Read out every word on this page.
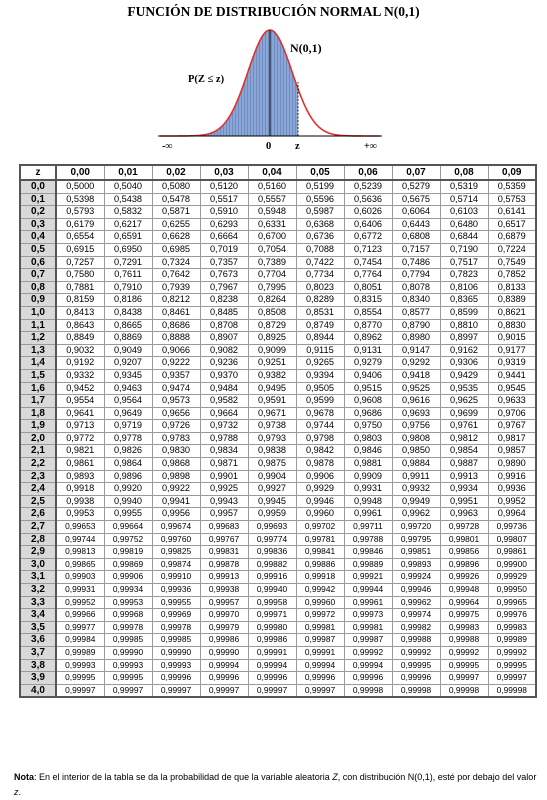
FUNCIÓN DE DISTRIBUCIÓN NORMAL N(0,1)
N(0,1)
P(Z ≤ z)
-∞	0 z	+∞
z	0,00	0,01	0,02	0,03	0,04	0,05	0,06	0,07	0,08	0,09
0,0	0,5000	0,5040	0,5080	0,5120	0,5160	0,5199	0,5239	0,5279	0,5319	0,5359
0,1	0,5398	0,5438	0,5478	0,5517	0,5557	0,5596	0,5636	0,5675	0,5714	0,5753
0,2	0,5793	0,5832	0,5871	0,5910	0,5948	0,5987	0,6026	0,6064	0,6103	0,6141
0,3	0,6179	0,6217	0,6255	0,6293	0,6331	0,6368	0,6406	0,6443	0,6480	0,6517
0,4	0,6554	0,6591	0,6628	0,6664	0,6700	0,6736	0,6772	0,6808	0,6844	0,6879
0,5	0,6915	0,6950	0,6985	0,7019	0,7054	0,7088	0,7123	0,7157	0,7190	0,7224
0,6	0,7257	0,7291	0,7324	0,7357	0,7389	0,7422	0,7454	0,7486	0,7517	0,7549
0,7	0,7580	0,7611	0,7642	0,7673	0,7704	0,7734	0,7764	0,7794	0,7823	0,7852
0,8	0,7881	0,7910	0,7939	0,7967	0,7995	0,8023	0,8051	0,8078	0,8106	0,8133
0,9	0,8159	0,8186	0,8212	0,8238	0,8264	0,8289	0,8315	0,8340	0,8365	0,8389
1,0	0,8413	0,8438	0,8461	0,8485	0,8508	0,8531	0,8554	0,8577	0,8599	0,8621
1,1	0,8643	0,8665	0,8686	0,8708	0,8729	0,8749	0,8770	0,8790	0,8810	0,8830
1,2	0,8849	0,8869	0,8888	0,8907	0,8925	0,8944	0,8962	0,8980	0,8997	0,9015
1,3	0,9032	0,9049	0,9066	0,9082	0,9099	0,9115	0,9131	0,9147	0,9162	0,9177
1,4	0,9192	0,9207	0,9222	0,9236	0,9251	0,9265	0,9279	0,9292	0,9306	0,9319
1,5	0,9332	0,9345	0,9357	0,9370	0,9382	0,9394	0,9406	0,9418	0,9429	0,9441
1,6	0,9452	0,9463	0,9474	0,9484	0,9495	0,9505	0,9515	0,9525	0,9535	0,9545
1,7	0,9554	0,9564	0,9573	0,9582	0,9591	0,9599	0,9608	0,9616	0,9625	0,9633
1,8	0,9641	0,9649	0,9656	0,9664	0,9671	0,9678	0,9686	0,9693	0,9699	0,9706
1,9	0,9713	0,9719	0,9726	0,9732	0,9738	0,9744	0,9750	0,9756	0,9761	0,9767
2,0	0,9772	0,9778	0,9783	0,9788	0,9793	0,9798	0,9803	0,9808	0,9812	0,9817
2,1	0,9821	0,9826	0,9830	0,9834	0,9838	0,9842	0,9846	0,9850	0,9854	0,9857
2,2	0,9861	0,9864	0,9868	0,9871	0,9875	0,9878	0,9881	0,9884	0,9887	0,9890
2,3	0,9893	0,9896	0,9898	0,9901	0,9904	0,9906	0,9909	0,9911	0,9913	0,9916
2,4	0,9918	0,9920	0,9922	0,9925	0,9927	0,9929	0,9931	0,9932	0,9934	0,9936
2,5	0,9938	0,9940	0,9941	0,9943	0,9945	0,9946	0,9948	0,9949	0,9951	0,9952
2,6	0,9953	0,9955	0,9956	0,9957	0,9959	0,9960	0,9961	0,9962	0,9963	0,9964
2,7	0,99653	0,99664	0,99674	0,99683	0,99693	0,99702	0,99711	0,99720	0,99728	0,99736
2,8	0,99744	0,99752	0,99760	0,99767	0,99774	0,99781	0,99788	0,99795	0,99801	0,99807
2,9	0,99813	0,99819	0,99825	0,99831	0,99836	0,99841	0,99846	0,99851	0,99856	0,99861
3,0	0,99865	0,99869	0,99874	0,99878	0,99882	0,99886	0,99889	0,99893	0,99896	0,99900
3,1	0,99903	0,99906	0,99910	0,99913	0,99916	0,99918	0,99921	0,99924	0,99926	0,99929
3,2	0,99931	0,99934	0,99936	0,99938	0,99940	0,99942	0,99944	0,99946	0,99948	0,99950
3,3	0,99952	0,99953	0,99955	0,99957	0,99958	0,99960	0,99961	0,99962	0,99964	0,99965
3,4	0,99966	0,99968	0,99969	0,99970	0,99971	0,99972	0,99973	0,99974	0,99975	0,99976
3,5	0,99977	0,99978	0,99978	0,99979	0,99980	0,99981	0,99981	0,99982	0,99983	0,99983
3,6	0,99984	0,99985	0,99985	0,99986	0,99986	0,99987	0,99987	0,99988	0,99988	0,99989
3,7	0,99989	0,99990	0,99990	0,99990	0,99991	0,99991	0,99992	0,99992	0,99992	0,99992
3,8	0,99993	0,99993	0,99993	0,99994	0,99994	0,99994	0,99994	0,99995	0,99995	0,99995
3,9	0,99995	0,99995	0,99996	0,99996	0,99996	0,99996	0,99996	0,99996	0,99997	0,99997
4,0	0,99997	0,99997	0,99997	0,99997	0,99997	0,99997	0,99998	0,99998	0,99998	0,99998
Nota: En el interior de la tabla se da la probabilidad de que la variable aleatoria Z, con distribución N(0,1), esté por debajo del valor z.
